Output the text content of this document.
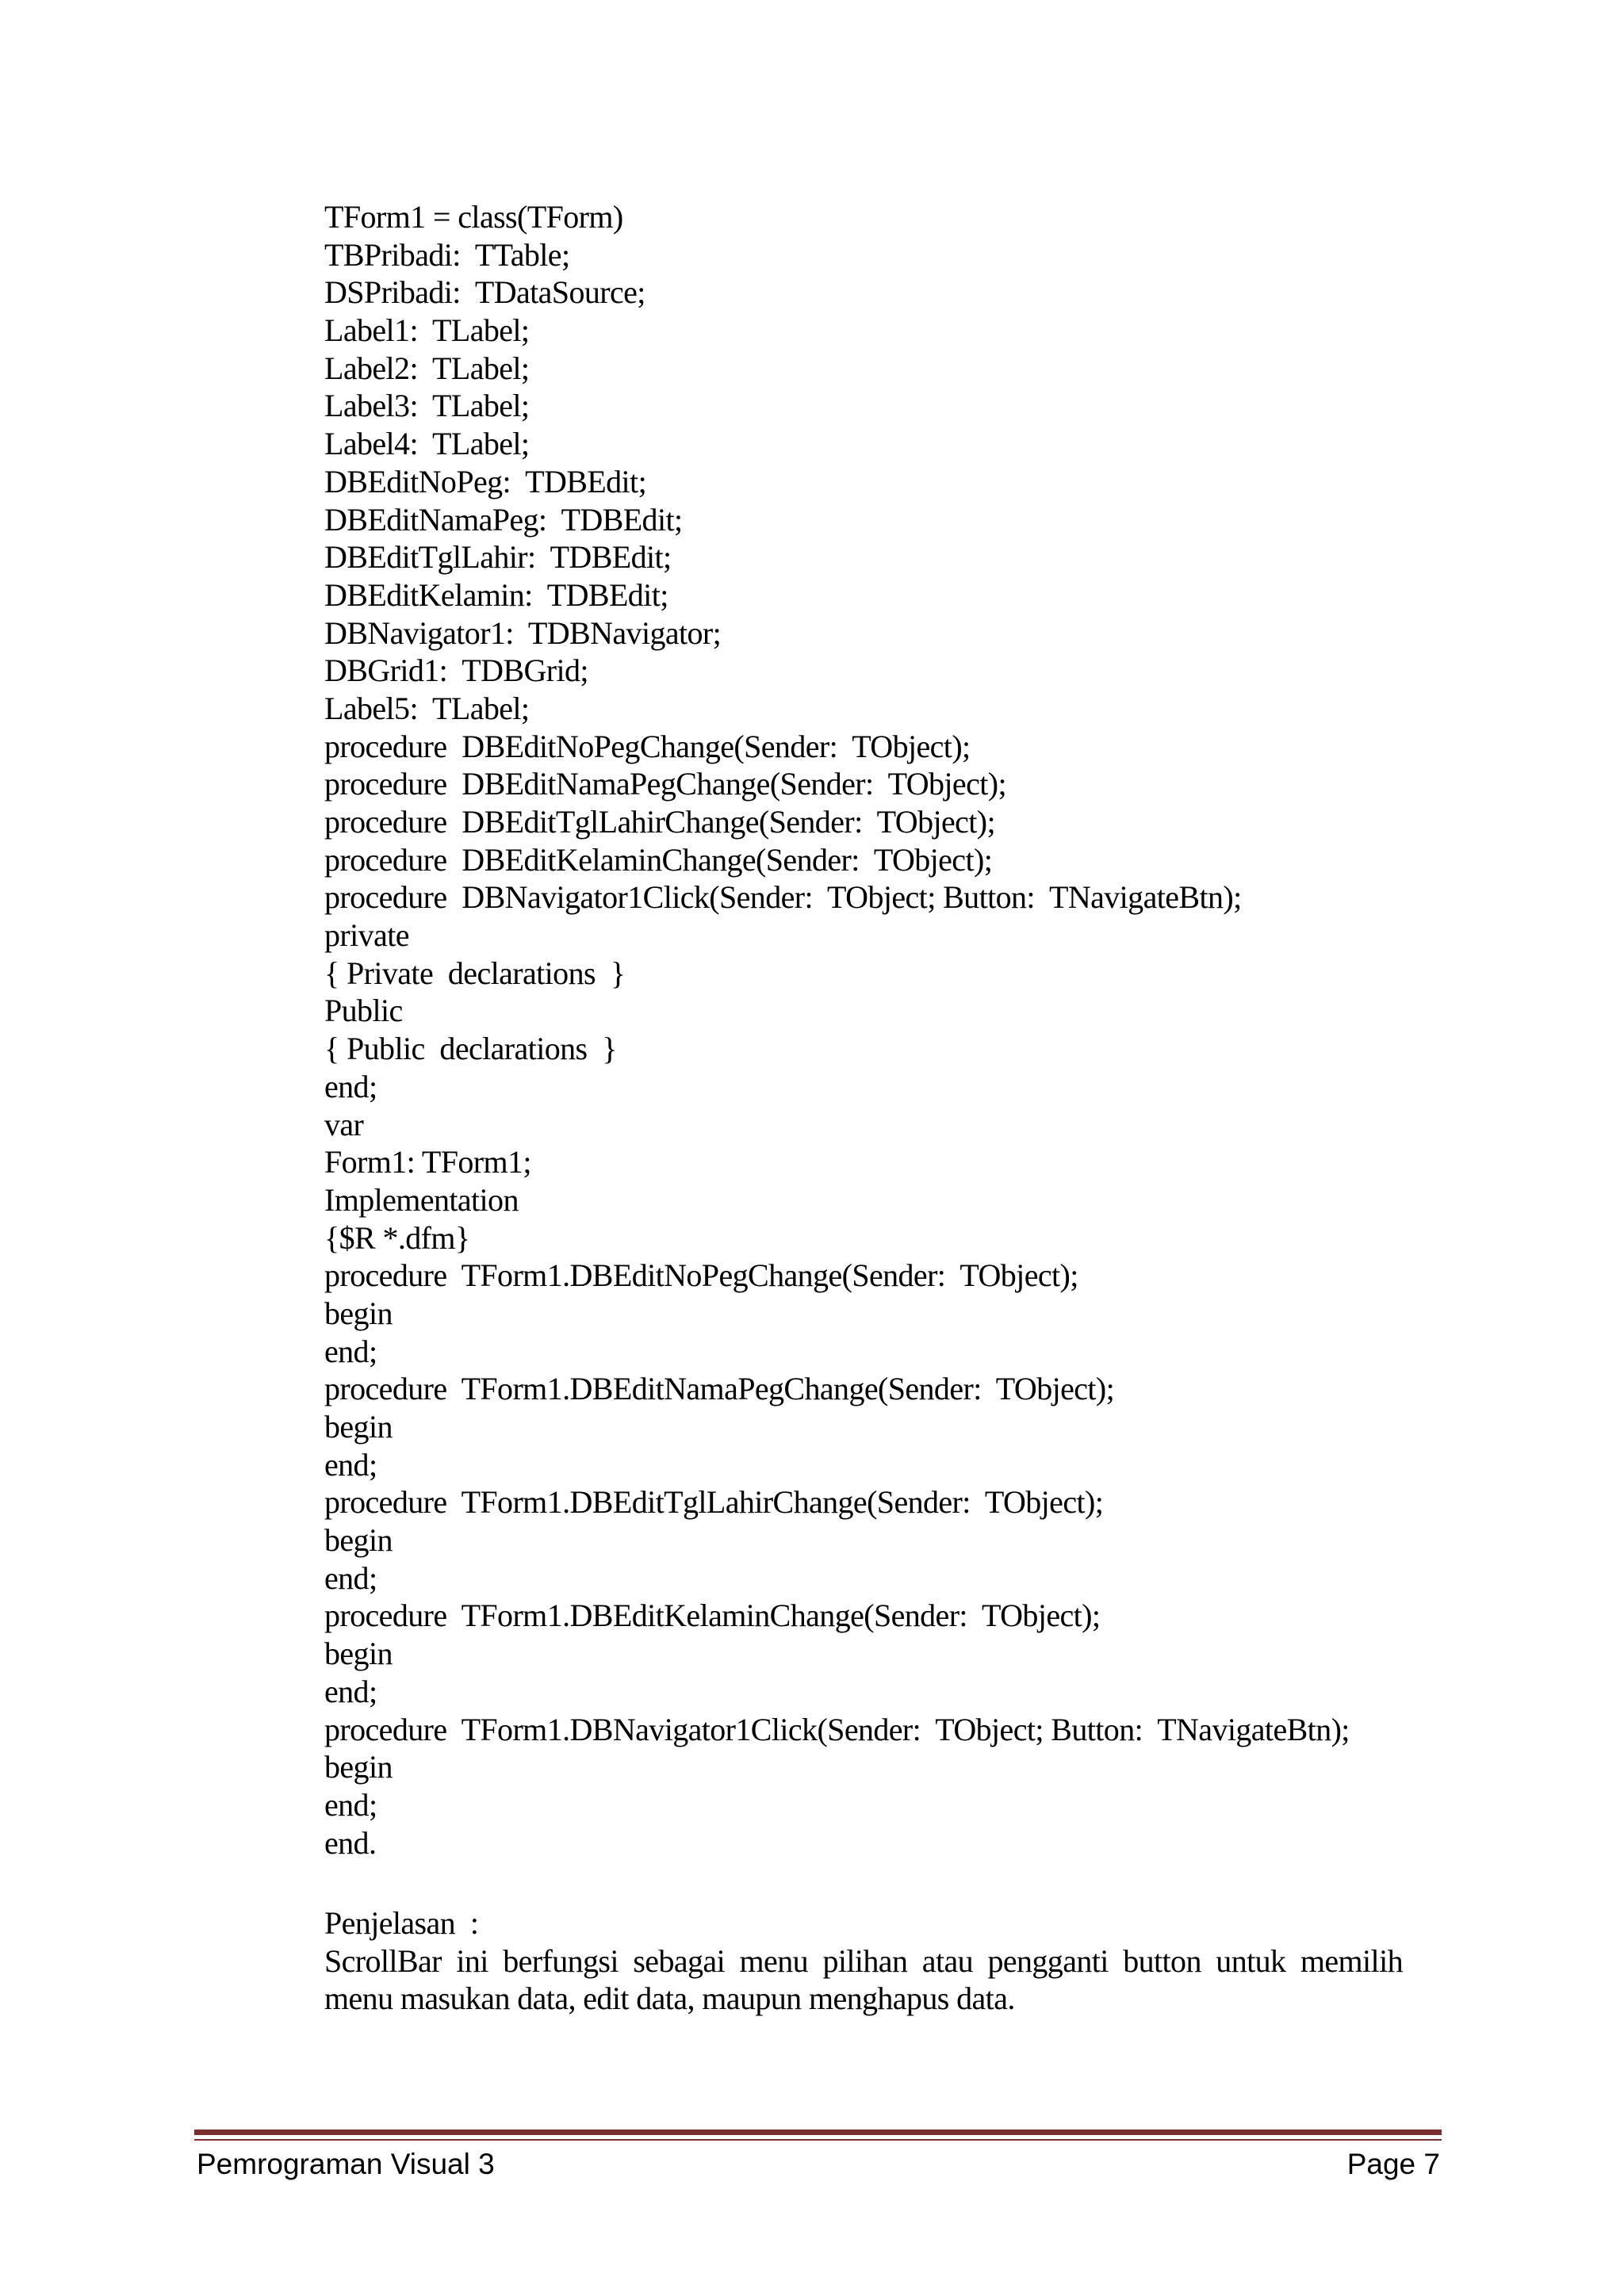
TForm1 = class(TForm)
TBPribadi:  TTable;
DSPribadi:  TDataSource;
Label1:  TLabel;
Label2:  TLabel;
Label3:  TLabel;
Label4:  TLabel;
DBEditNoPeg:  TDBEdit;
DBEditNamaPeg:  TDBEdit;
DBEditTglLahir:  TDBEdit;
DBEditKelamin:  TDBEdit;
DBNavigator1:  TDBNavigator;
DBGrid1:  TDBGrid;
Label5:  TLabel;
procedure  DBEditNoPegChange(Sender:  TObject);
procedure  DBEditNamaPegChange(Sender:  TObject);
procedure  DBEditTglLahirChange(Sender:  TObject);
procedure  DBEditKelaminChange(Sender:  TObject);
procedure  DBNavigator1Click(Sender:  TObject; Button:  TNavigateBtn);
private
{ Private  declarations  }
Public
{ Public  declarations  }
end;
var
Form1: TForm1;
Implementation
{$R *.dfm}
procedure  TForm1.DBEditNoPegChange(Sender:  TObject);
begin
end;
procedure  TForm1.DBEditNamaPegChange(Sender:  TObject);
begin
end;
procedure  TForm1.DBEditTglLahirChange(Sender:  TObject);
begin
end;
procedure  TForm1.DBEditKelaminChange(Sender:  TObject);
begin
end;
procedure  TForm1.DBNavigator1Click(Sender:  TObject; Button:  TNavigateBtn);
begin
end;
end.
Penjelasan  :
ScrollBar ini berfungsi sebagai menu pilihan atau pengganti button untuk memilih menu masukan data, edit data, maupun menghapus data.
Pemrograman Visual 3	Page 7
